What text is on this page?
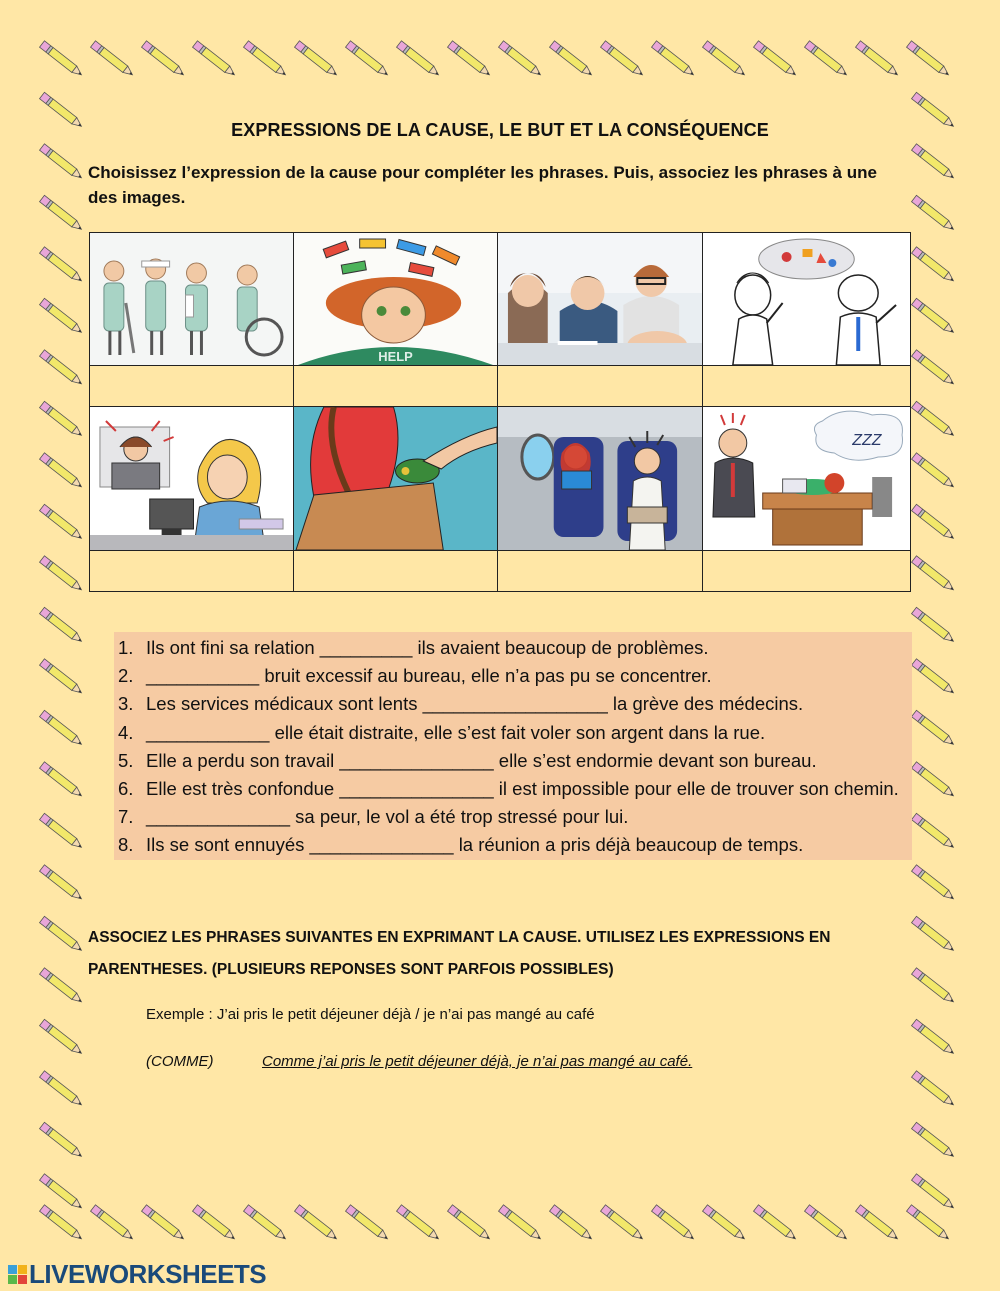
EXPRESSIONS DE LA CAUSE, LE BUT ET LA CONSÉQUENCE
Choisissez l’expression de la cause pour compléter les phrases. Puis, associez les phrases à une des images.

HELP

ZZZ

1. Ils ont fini sa relation _________ ils avaient beaucoup de problèmes.
2. ___________ bruit excessif au bureau, elle n’a pas pu se concentrer.
3. Les services médicaux sont lents __________________ la grève des médecins.
4. ____________ elle était distraite, elle s’est fait voler son argent dans la rue.
5. Elle a perdu son travail _______________ elle s’est endormie devant son bureau.
6. Elle est très confondue _______________ il est impossible pour elle de trouver son chemin.
7. ______________ sa peur, le vol a été trop stressé pour lui.
8. Ils se sont ennuyés ______________ la réunion a pris déjà beaucoup de temps.
ASSOCIEZ LES PHRASES SUIVANTES EN EXPRIMANT LA CAUSE. UTILISEZ LES EXPRESSIONS EN PARENTHESES. (PLUSIEURS REPONSES SONT PARFOIS POSSIBLES)
Exemple : J’ai pris le petit déjeuner déjà / je n’ai pas mangé au café
(COMME)	Comme j’ai pris le petit déjeuner déjà, je n’ai pas mangé au café.
LIVEWORKSHEETS
